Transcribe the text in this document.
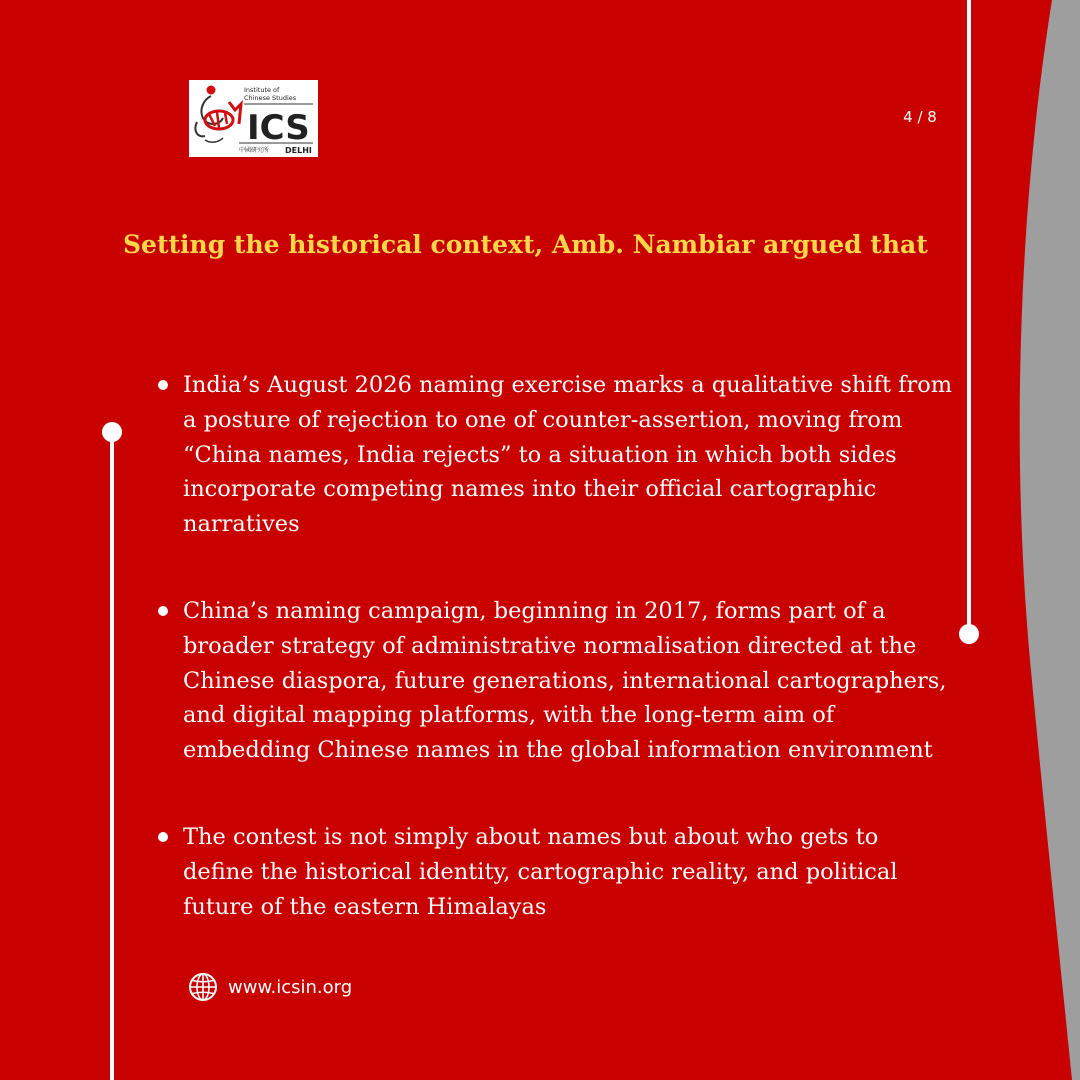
Institute of
Chinese Studies
ICS
中國研究所 DELHI
4 / 8
Setting the historical context, Amb. Nambiar argued that
India’s August 2026 naming exercise marks a qualitative shift from a posture of rejection to one of counter-assertion, moving from “China names, India rejects” to a situation in which both sides incorporate competing names into their official cartographic narratives
China’s naming campaign, beginning in 2017, forms part of a broader strategy of administrative normalisation directed at the Chinese diaspora, future generations, international cartographers, and digital mapping platforms, with the long-term aim of embedding Chinese names in the global information environment
The contest is not simply about names but about who gets to define the historical identity, cartographic reality, and political future of the eastern Himalayas
www.icsin.org
